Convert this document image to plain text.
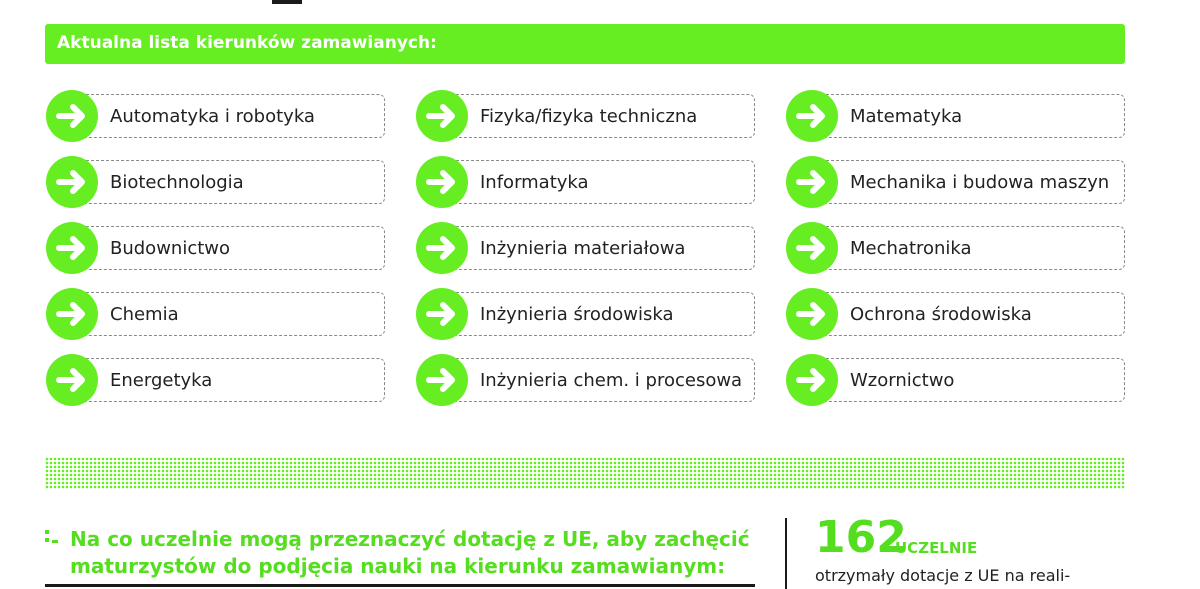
Aktualna lista kierunków zamawianych:
Automatyka i robotyka
Biotechnologia
Budownictwo
Chemia
Energetyka
Fizyka/fizyka techniczna
Informatyka
Inżynieria materiałowa
Inżynieria środowiska
Inżynieria chem. i procesowa
Matematyka
Mechanika i budowa maszyn
Mechatronika
Ochrona środowiska
Wzornictwo
Na co uczelnie mogą przeznaczyć dotację z UE, aby zachęcić maturzystów do podjęcia nauki na kierunku zamawianym:
162
UCZELNIE
otrzymały dotacje z UE na reali-
